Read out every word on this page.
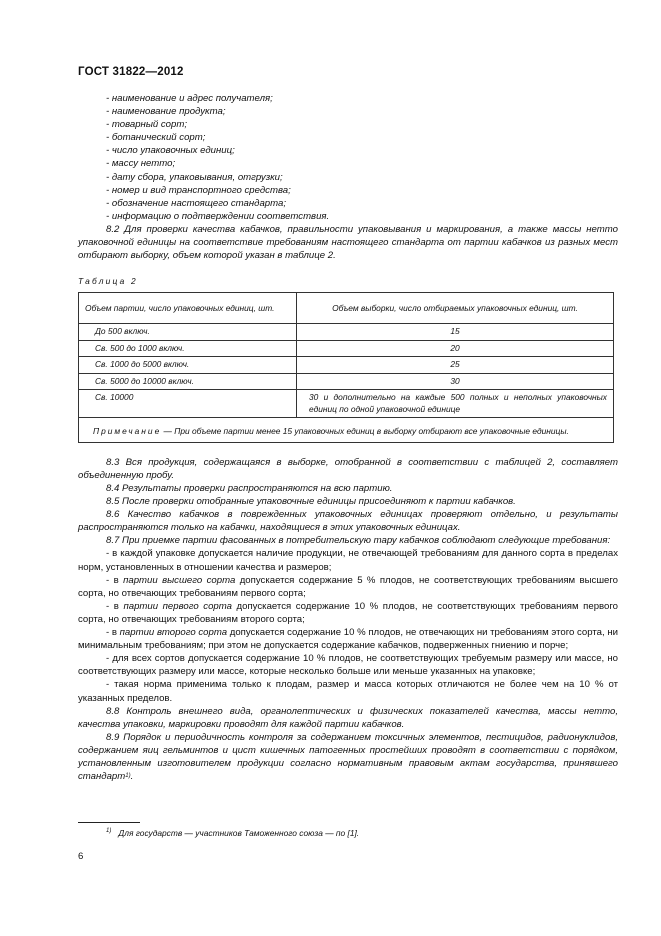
ГОСТ 31822—2012
- наименование и адрес получателя;
- наименование продукта;
- товарный сорт;
- ботанический сорт;
- число упаковочных единиц;
- массу нетто;
- дату сбора, упаковывания, отгрузки;
- номер и вид транспортного средства;
- обозначение настоящего стандарта;
- информацию о подтверждении соответствия.

8.2 Для проверки качества кабачков, правильности упаковывания и маркирования, а также массы нетто упаковочной единицы на соответствие требованиям настоящего стандарта от партии кабачков из разных мест отбирают выборку, объем которой указан в таблице 2.

Таблица 2
Объем партии, число упаковочных единиц, шт.	Объем выборки, число отбираемых упаковочных единиц, шт.
До 500 включ.	15
Св. 500 до 1000 включ.	20
Св. 1000 до 5000 включ.	25
Св. 5000 до 10000 включ.	30
Св. 10000	30 и дополнительно на каждые 500 полных и неполных упаковочных единиц по одной упаковочной единице
Примечание — При объеме партии менее 15 упаковочных единиц в выборку отбирают все упаковочные единицы.	

8.3 Вся продукция, содержащаяся в выборке, отобранной в соответствии с таблицей 2, составляет объединенную пробу.

8.4 Результаты проверки распространяются на всю партию.

8.5 После проверки отобранные упаковочные единицы присоединяют к партии кабачков.

8.6 Качество кабачков в поврежденных упаковочных единицах проверяют отдельно, и результаты распространяются только на кабачки, находящиеся в этих упаковочных единицах.

8.7 При приемке партии фасованных в потребительскую тару кабачков соблюдают следующие требования:

- в каждой упаковке допускается наличие продукции, не отвечающей требованиям для данного сорта в пределах норм, установленных в отношении качества и размеров;

- в партии высшего сорта допускается содержание 5 % плодов, не соответствующих требованиям высшего сорта, но отвечающих требованиям первого сорта;

- в партии первого сорта допускается содержание 10 % плодов, не соответствующих требованиям первого сорта, но отвечающих требованиям второго сорта;

- в партии второго сорта допускается содержание 10 % плодов, не отвечающих ни требованиям этого сорта, ни минимальным требованиям; при этом не допускается содержание кабачков, подверженных гниению и порче;

- для всех сортов допускается содержание 10 % плодов, не соответствующих требуемым размеру или массе, но соответствующих размеру или массе, которые несколько больше или меньше указанных на упаковке;

- такая норма применима только к плодам, размер и масса которых отличаются не более чем на 10 % от указанных пределов.

8.8 Контроль внешнего вида, органолептических и физических показателей качества, массы нетто, качества упаковки, маркировки проводят для каждой партии кабачков.

8.9 Порядок и периодичность контроля за содержанием токсичных элементов, пестицидов, радионуклидов, содержанием яиц гельминтов и цист кишечных патогенных простейших проводят в соответствии с порядком, установленным изготовителем продукции согласно нормативным правовым актам государства, принявшего стандарт$^{1)}$.

$^{1)}$ Для государств — участников Таможенного союза — по [1].
6
